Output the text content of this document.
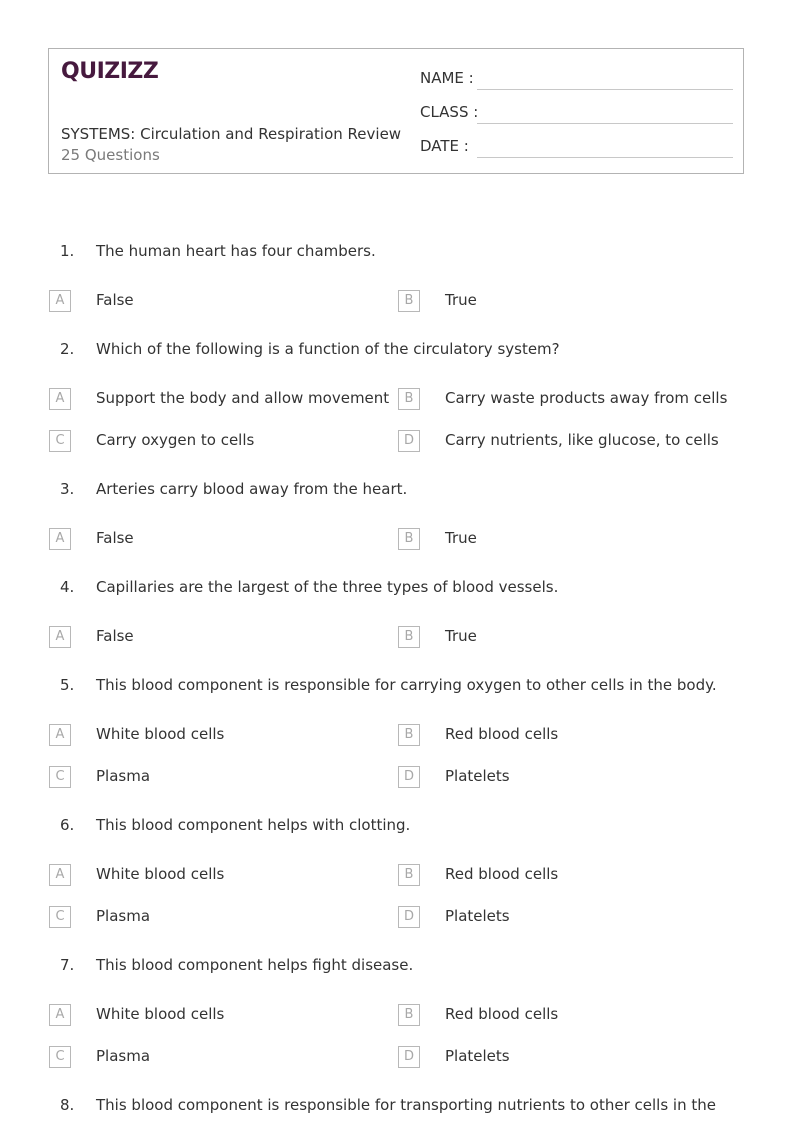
QUIZIZZ
SYSTEMS: Circulation and Respiration Review
25 Questions
NAME :
CLASS :
DATE :
1. The human heart has four chambers.
A	False	B	True
2. Which of the following is a function of the circulatory system?
A	Support the body and allow movement	B	Carry waste products away from cells
C	Carry oxygen to cells	D	Carry nutrients, like glucose, to cells
3. Arteries carry blood away from the heart.
A	False	B	True
4. Capillaries are the largest of the three types of blood vessels.
A	False	B	True
5. This blood component is responsible for carrying oxygen to other cells in the body.
A	White blood cells	B	Red blood cells
C	Plasma	D	Platelets
6. This blood component helps with clotting.
A	White blood cells	B	Red blood cells
C	Plasma	D	Platelets
7. This blood component helps fight disease.
A	White blood cells	B	Red blood cells
C	Plasma	D	Platelets
8. This blood component is responsible for transporting nutrients to other cells in the
